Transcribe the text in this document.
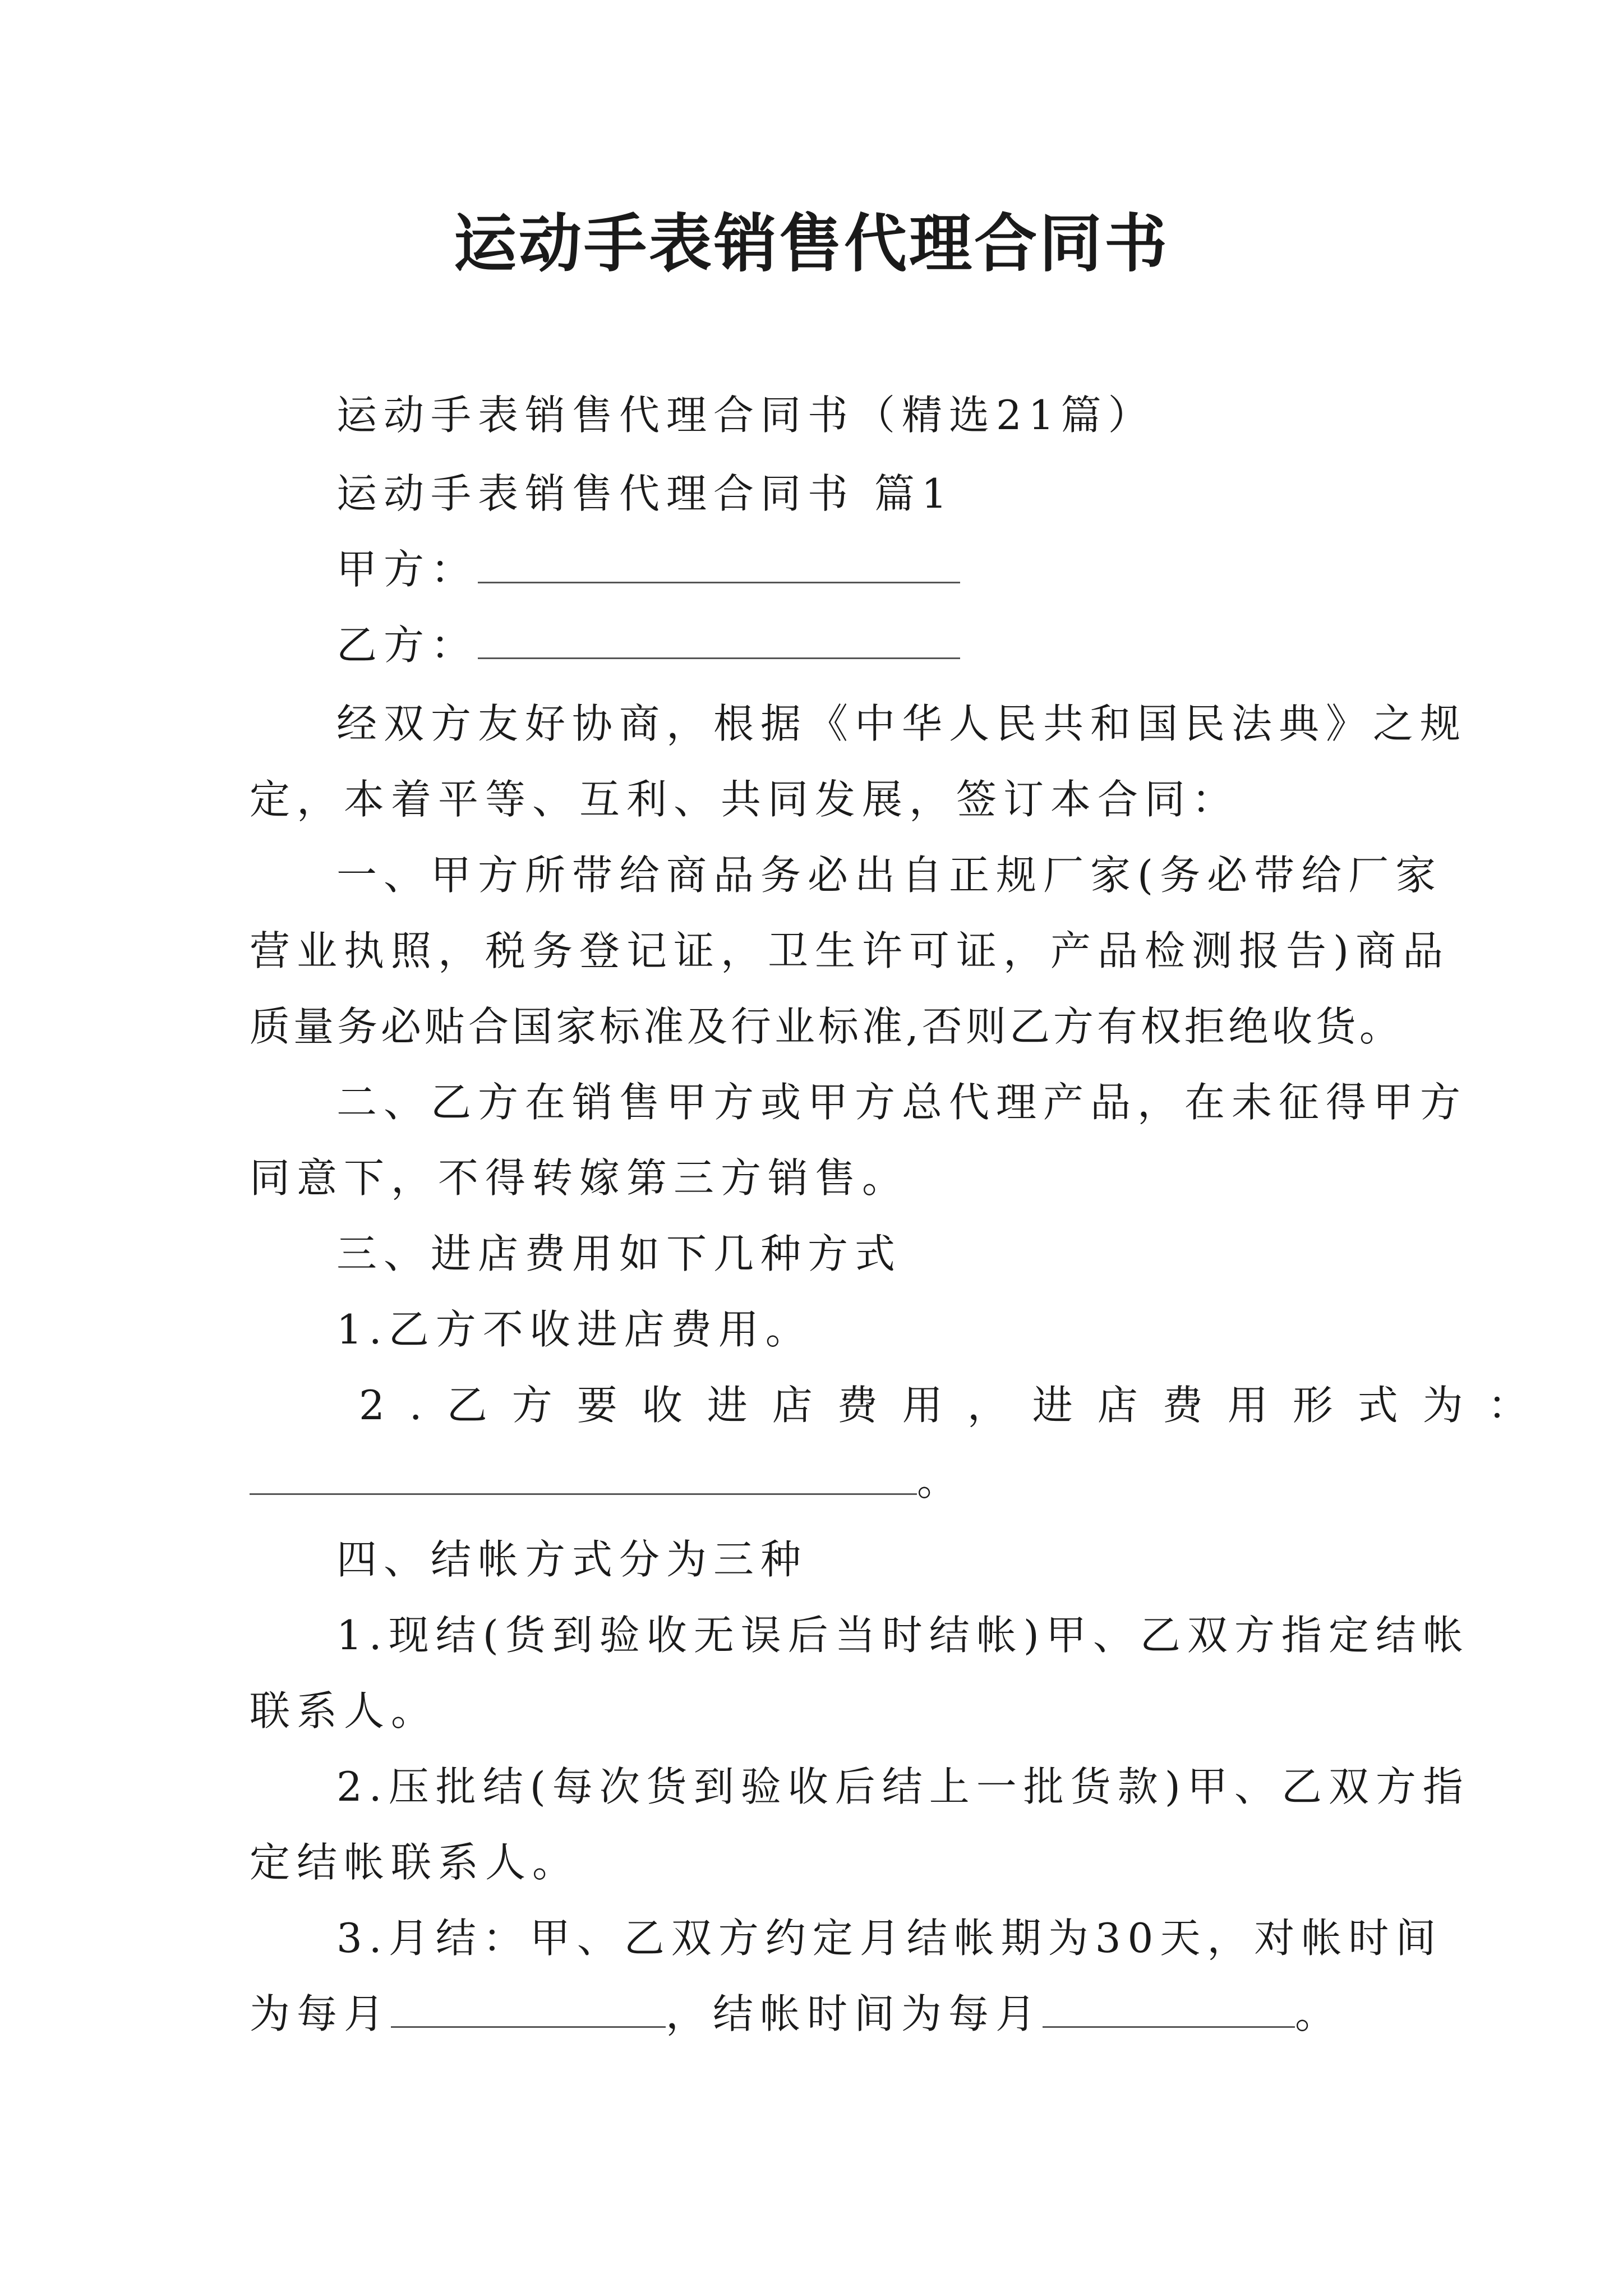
运动手表销售代理合同书
运动手表销售代理合同书（精选21篇）
运动手表销售代理合同书 篇1
甲方：
乙方：
经双方友好协商，根据《中华人民共和国民法典》之规
定，本着平等、互利、共同发展，签订本合同：
一、甲方所带给商品务必出自正规厂家(务必带给厂家
营业执照，税务登记证，卫生许可证，产品检测报告)商品
质量务必贴合国家标准及行业标准,否则乙方有权拒绝收货。
二、乙方在销售甲方或甲方总代理产品，在未征得甲方
同意下，不得转嫁第三方销售。
三、进店费用如下几种方式
1.乙方不收进店费用。
2.乙方要收进店费用，进店费用形式为：
。
四、结帐方式分为三种
1.现结(货到验收无误后当时结帐)甲、乙双方指定结帐
联系人。
2.压批结(每次货到验收后结上一批货款)甲、乙双方指
定结帐联系人。
3.月结：甲、乙双方约定月结帐期为30天，对帐时间
为每月	，结帐时间为每月	。
